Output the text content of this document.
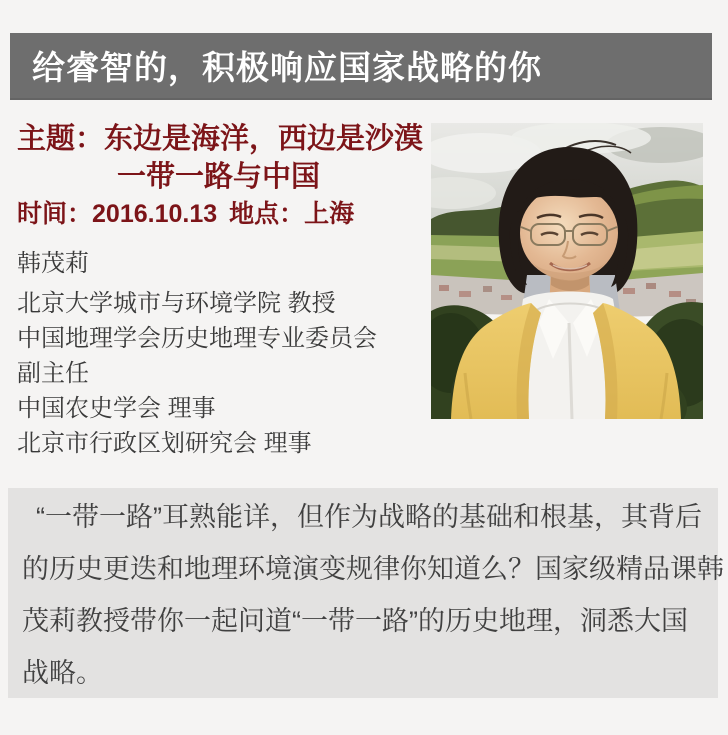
给睿智的，积极响应国家战略的你
主题：东边是海洋，西边是沙漠
一带一路与中国
时间：2016.10.13 地点：上海
韩茂莉
北京大学城市与环境学院 教授
中国地理学会历史地理专业委员会
副主任
中国农史学会 理事
北京市行政区划研究会 理事
“一带一路”耳熟能详，但作为战略的基础和根基，其背后
的历史更迭和地理环境演变规律你知道么？国家级精品课韩
茂莉教授带你一起问道“一带一路”的历史地理，洞悉大国
战略。
